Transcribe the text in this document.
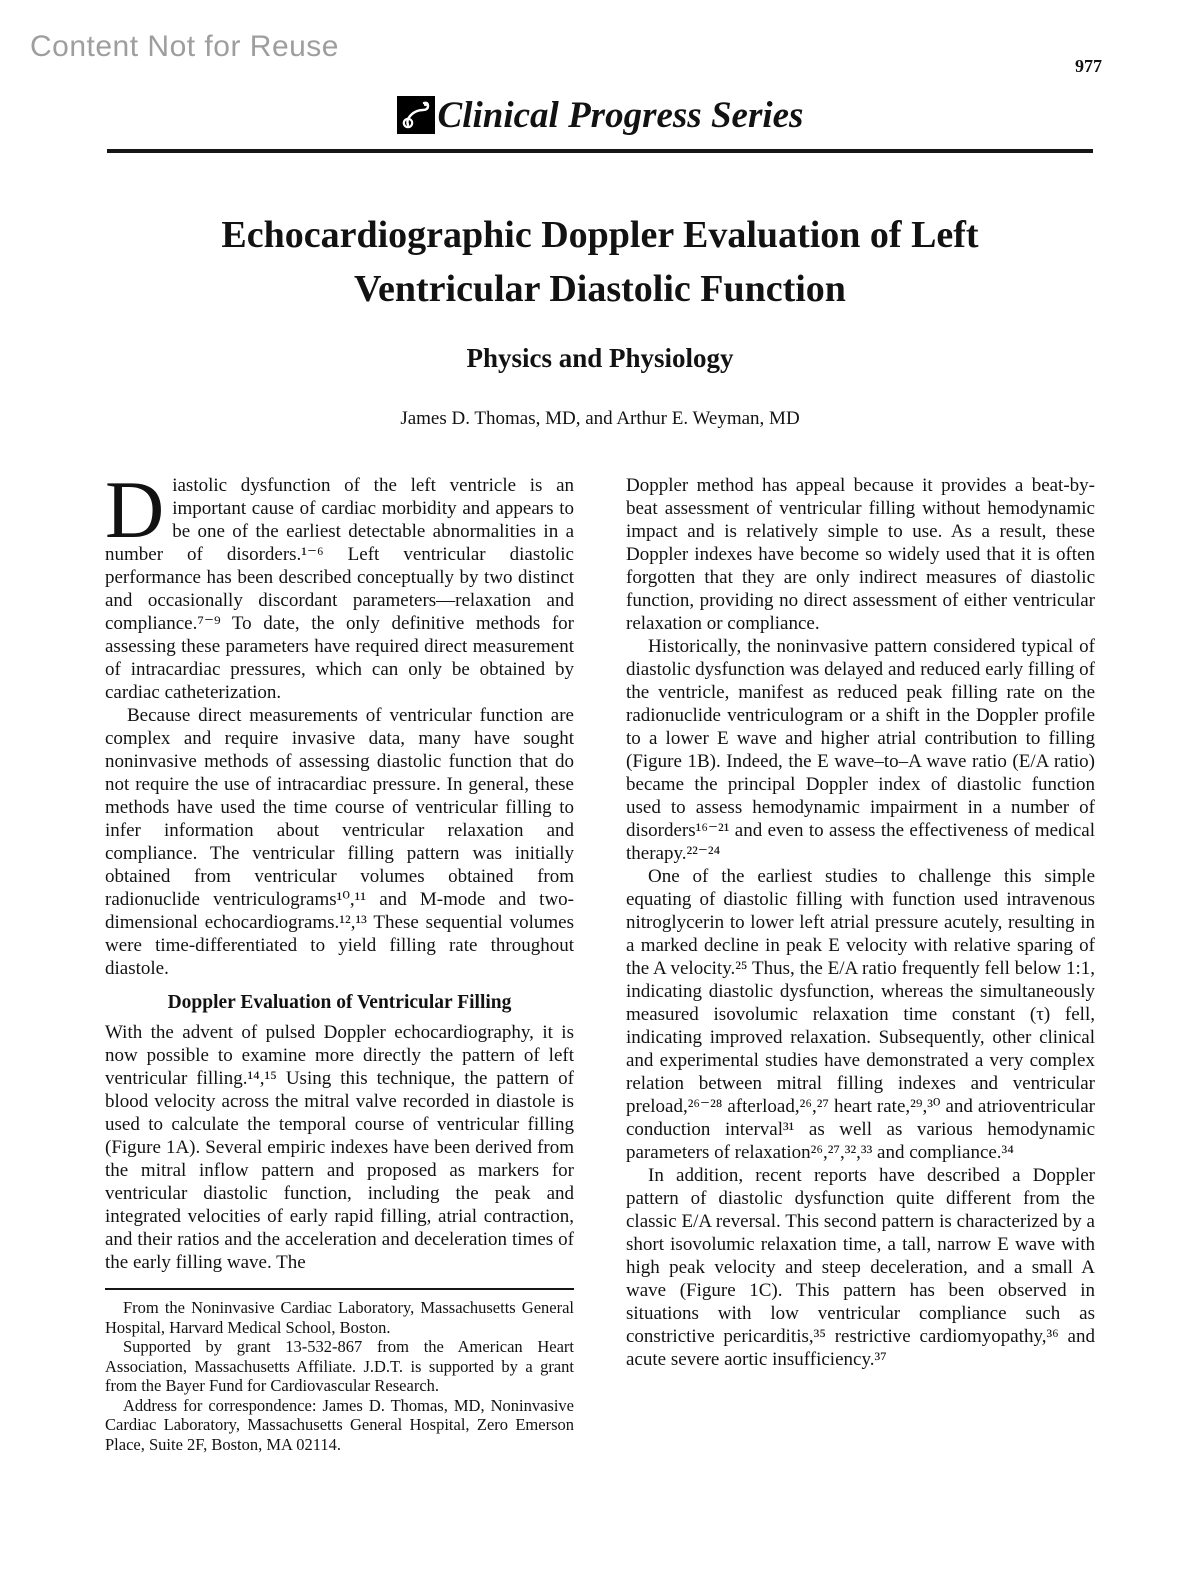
Content Not for Reuse
977
Clinical Progress Series
Echocardiographic Doppler Evaluation of Left
Ventricular Diastolic Function
Physics and Physiology
James D. Thomas, MD, and Arthur E. Weyman, MD

Diastolic dysfunction of the left ventricle is an important cause of cardiac morbidity and appears to be one of the earliest detectable abnormalities in a number of disorders.¹⁻⁶ Left ventricular diastolic performance has been described conceptually by two distinct and occasionally discordant parameters—relaxation and compliance.⁷⁻⁹ To date, the only definitive methods for assessing these parameters have required direct measurement of intracardiac pressures, which can only be obtained by cardiac catheterization.

Because direct measurements of ventricular function are complex and require invasive data, many have sought noninvasive methods of assessing diastolic function that do not require the use of intracardiac pressure. In general, these methods have used the time course of ventricular filling to infer information about ventricular relaxation and compliance. The ventricular filling pattern was initially obtained from ventricular volumes obtained from radionuclide ventriculograms¹⁰,¹¹ and M-mode and two-dimensional echocardiograms.¹²,¹³ These sequential volumes were time-differentiated to yield filling rate throughout diastole.

Doppler Evaluation of Ventricular Filling

With the advent of pulsed Doppler echocardiography, it is now possible to examine more directly the pattern of left ventricular filling.¹⁴,¹⁵ Using this technique, the pattern of blood velocity across the mitral valve recorded in diastole is used to calculate the temporal course of ventricular filling (Figure 1A). Several empiric indexes have been derived from the mitral inflow pattern and proposed as markers for ventricular diastolic function, including the peak and integrated velocities of early rapid filling, atrial contraction, and their ratios and the acceleration and deceleration times of the early filling wave. The

From the Noninvasive Cardiac Laboratory, Massachusetts General Hospital, Harvard Medical School, Boston.

Supported by grant 13-532-867 from the American Heart Association, Massachusetts Affiliate. J.D.T. is supported by a grant from the Bayer Fund for Cardiovascular Research.

Address for correspondence: James D. Thomas, MD, Noninvasive Cardiac Laboratory, Massachusetts General Hospital, Zero Emerson Place, Suite 2F, Boston, MA 02114.

Doppler method has appeal because it provides a beat-by-beat assessment of ventricular filling without hemodynamic impact and is relatively simple to use. As a result, these Doppler indexes have become so widely used that it is often forgotten that they are only indirect measures of diastolic function, providing no direct assessment of either ventricular relaxation or compliance.

Historically, the noninvasive pattern considered typical of diastolic dysfunction was delayed and reduced early filling of the ventricle, manifest as reduced peak filling rate on the radionuclide ventriculogram or a shift in the Doppler profile to a lower E wave and higher atrial contribution to filling (Figure 1B). Indeed, the E wave–to–A wave ratio (E/A ratio) became the principal Doppler index of diastolic function used to assess hemodynamic impairment in a number of disorders¹⁶⁻²¹ and even to assess the effectiveness of medical therapy.²²⁻²⁴

One of the earliest studies to challenge this simple equating of diastolic filling with function used intravenous nitroglycerin to lower left atrial pressure acutely, resulting in a marked decline in peak E velocity with relative sparing of the A velocity.²⁵ Thus, the E/A ratio frequently fell below 1:1, indicating diastolic dysfunction, whereas the simultaneously measured isovolumic relaxation time constant (τ) fell, indicating improved relaxation. Subsequently, other clinical and experimental studies have demonstrated a very complex relation between mitral filling indexes and ventricular preload,²⁶⁻²⁸ afterload,²⁶,²⁷ heart rate,²⁹,³⁰ and atrioventricular conduction interval³¹ as well as various hemodynamic parameters of relaxation²⁶,²⁷,³²,³³ and compliance.³⁴

In addition, recent reports have described a Doppler pattern of diastolic dysfunction quite different from the classic E/A reversal. This second pattern is characterized by a short isovolumic relaxation time, a tall, narrow E wave with high peak velocity and steep deceleration, and a small A wave (Figure 1C). This pattern has been observed in situations with low ventricular compliance such as constrictive pericarditis,³⁵ restrictive cardiomyopathy,³⁶ and acute severe aortic insufficiency.³⁷
